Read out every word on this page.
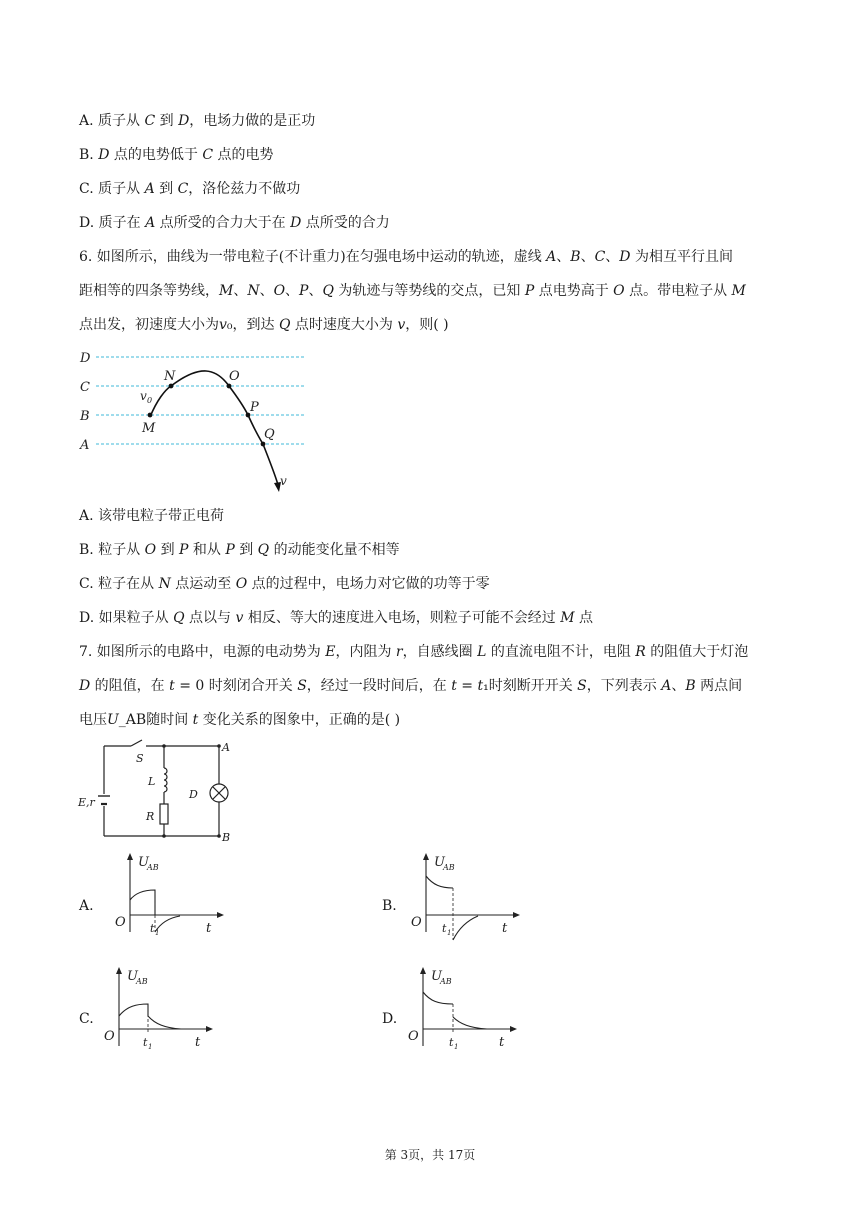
A. 质子从 𝐶 到 𝐷，电场力做的是正功
B. 𝐷 点的电势低于 𝐶 点的电势
C. 质子从 𝐴 到 𝐶，洛伦兹力不做功
D. 质子在 𝐴 点所受的合力大于在 𝐷 点所受的合力
6. 如图所示，曲线为一带电粒子(不计重力)在匀强电场中运动的轨迹，虚线 𝐴、𝐵、𝐶、𝐷 为相互平行且间
距相等的四条等势线，𝑀、𝑁、𝑂、𝑃、𝑄 为轨迹与等势线的交点，已知 𝑃 点电势高于 𝑂 点。带电粒子从 𝑀
点出发，初速度大小为𝑣₀，到达 𝑄 点时速度大小为 𝑣，则( )
D
C
B
A
M
N	O
P
Q
v 0
v
A. 该带电粒子带正电荷
B. 粒子从 𝑂 到 𝑃 和从 𝑃 到 𝑄 的动能变化量不相等
C. 粒子在从 𝑁 点运动至 𝑂 点的过程中，电场力对它做的功等于零
D. 如果粒子从 𝑄 点以与 𝑣 相反、等大的速度进入电场，则粒子可能不会经过 𝑀 点
7. 如图所示的电路中，电源的电动势为 𝐸，内阻为 𝑟，自感线圈 𝐿 的直流电阻不计，电阻 𝑅 的阻值大于灯泡
𝐷 的阻值，在 𝑡 = 0 时刻闭合开关 𝑆，经过一段时间后，在 𝑡 = 𝑡₁时刻断开开关 𝑆，下列表示 𝐴、𝐵 两点间
电压𝑈_AB随时间 𝑡 变化关系的图象中，正确的是( )
S
L
R
D
A
B
E,r
A.	B.
C.	D.
U
AB
O	t
t 1
U
AB
O	t
t 1
U
AB
O	t
t 1
U
AB
O	t
t 1
第 3页，共 17页
